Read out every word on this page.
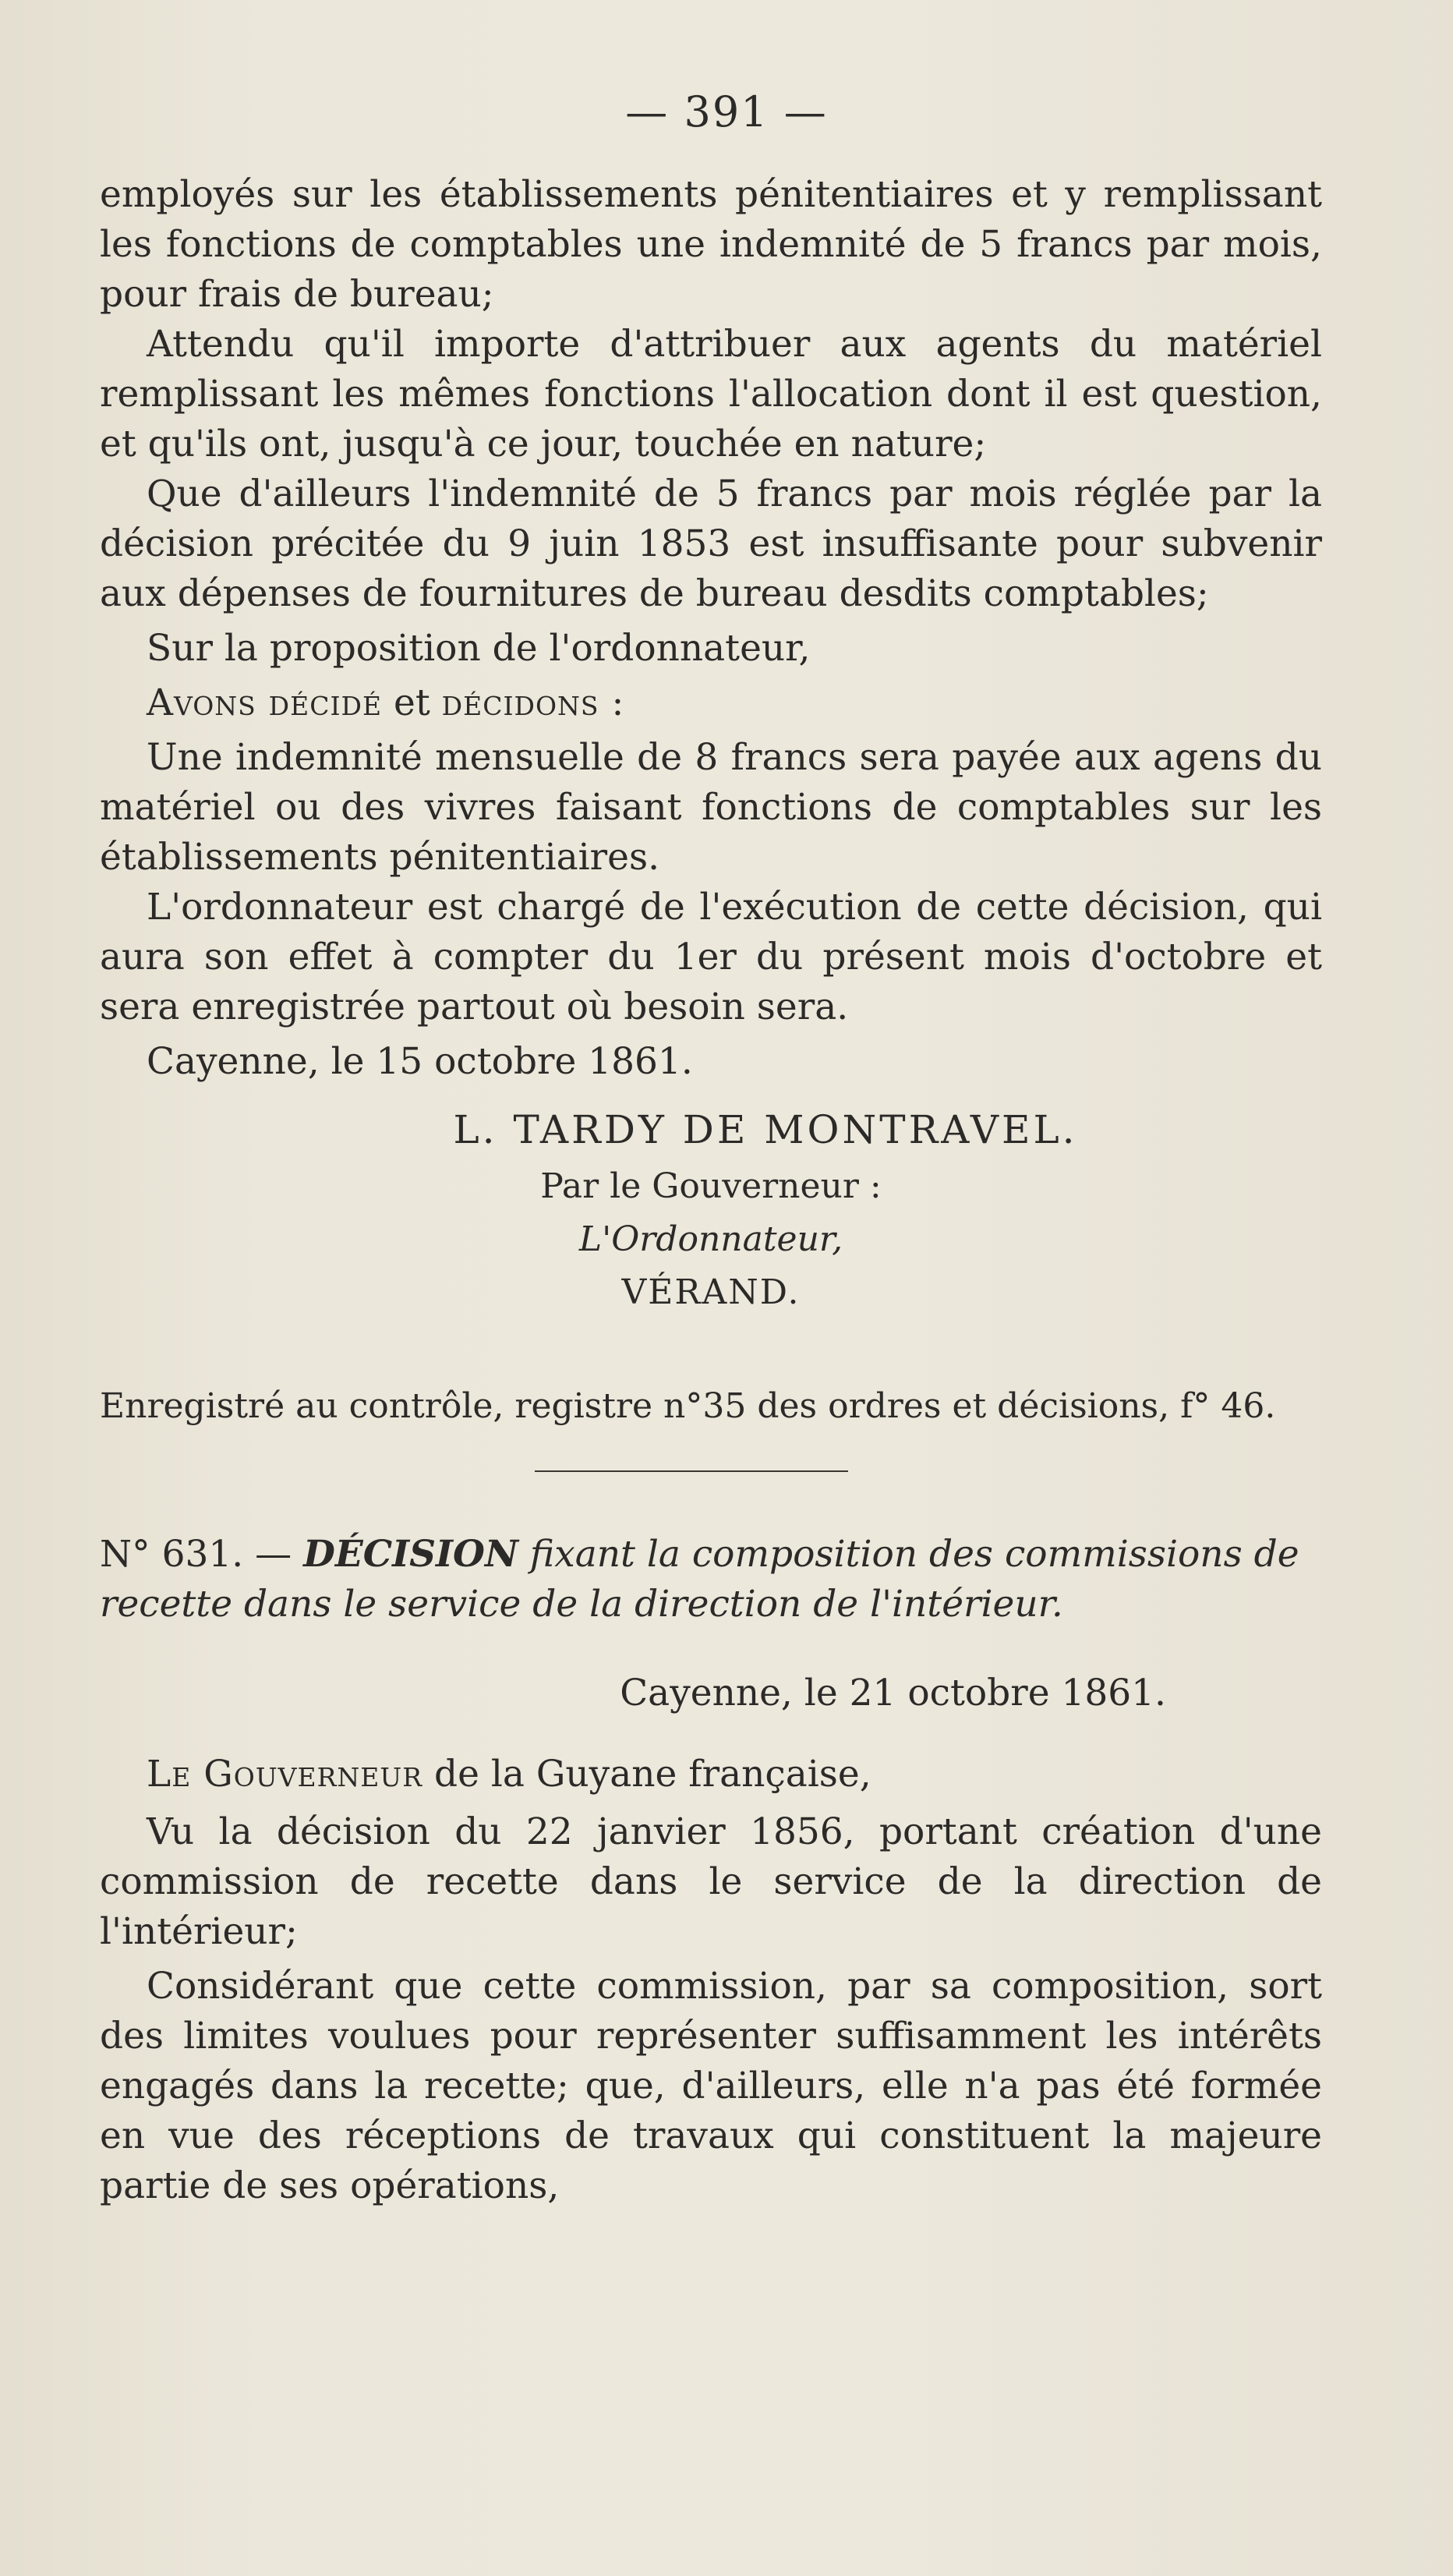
— 391 —

employés sur les établissements pénitentiaires et y remplissant les fonctions de comptables une indemnité de 5 francs par mois, pour frais de bureau;

Attendu qu'il importe d'attribuer aux agents du matériel remplissant les mêmes fonctions l'allocation dont il est question, et qu'ils ont, jusqu'à ce jour, touchée en nature;

Que d'ailleurs l'indemnité de 5 francs par mois réglée par la décision précitée du 9 juin 1853 est insuffisante pour subvenir aux dépenses de fournitures de bureau desdits comptables;

Sur la proposition de l'ordonnateur,

Avons décidé et décidons :

Une indemnité mensuelle de 8 francs sera payée aux agens du matériel ou des vivres faisant fonctions de comptables sur les établissements pénitentiaires.

L'ordonnateur est chargé de l'exécution de cette décision, qui aura son effet à compter du 1er du présent mois d'octobre et sera enregistrée partout où besoin sera.

Cayenne, le 15 octobre 1861.

L. TARDY DE MONTRAVEL.
Par le Gouverneur :
L'Ordonnateur,
VÉRAND.
Enregistré au contrôle, registre n°35 des ordres et décisions, f° 46.

N° 631. — DÉCISION fixant la composition des commissions de recette dans le service de la direction de l'intérieur.

Cayenne, le 21 octobre 1861.

Le Gouverneur de la Guyane française,

Vu la décision du 22 janvier 1856, portant création d'une commission de recette dans le service de la direction de l'intérieur;

Considérant que cette commission, par sa composition, sort des limites voulues pour représenter suffisamment les intérêts engagés dans la recette; que, d'ailleurs, elle n'a pas été formée en vue des réceptions de travaux qui constituent la majeure partie de ses opérations,
